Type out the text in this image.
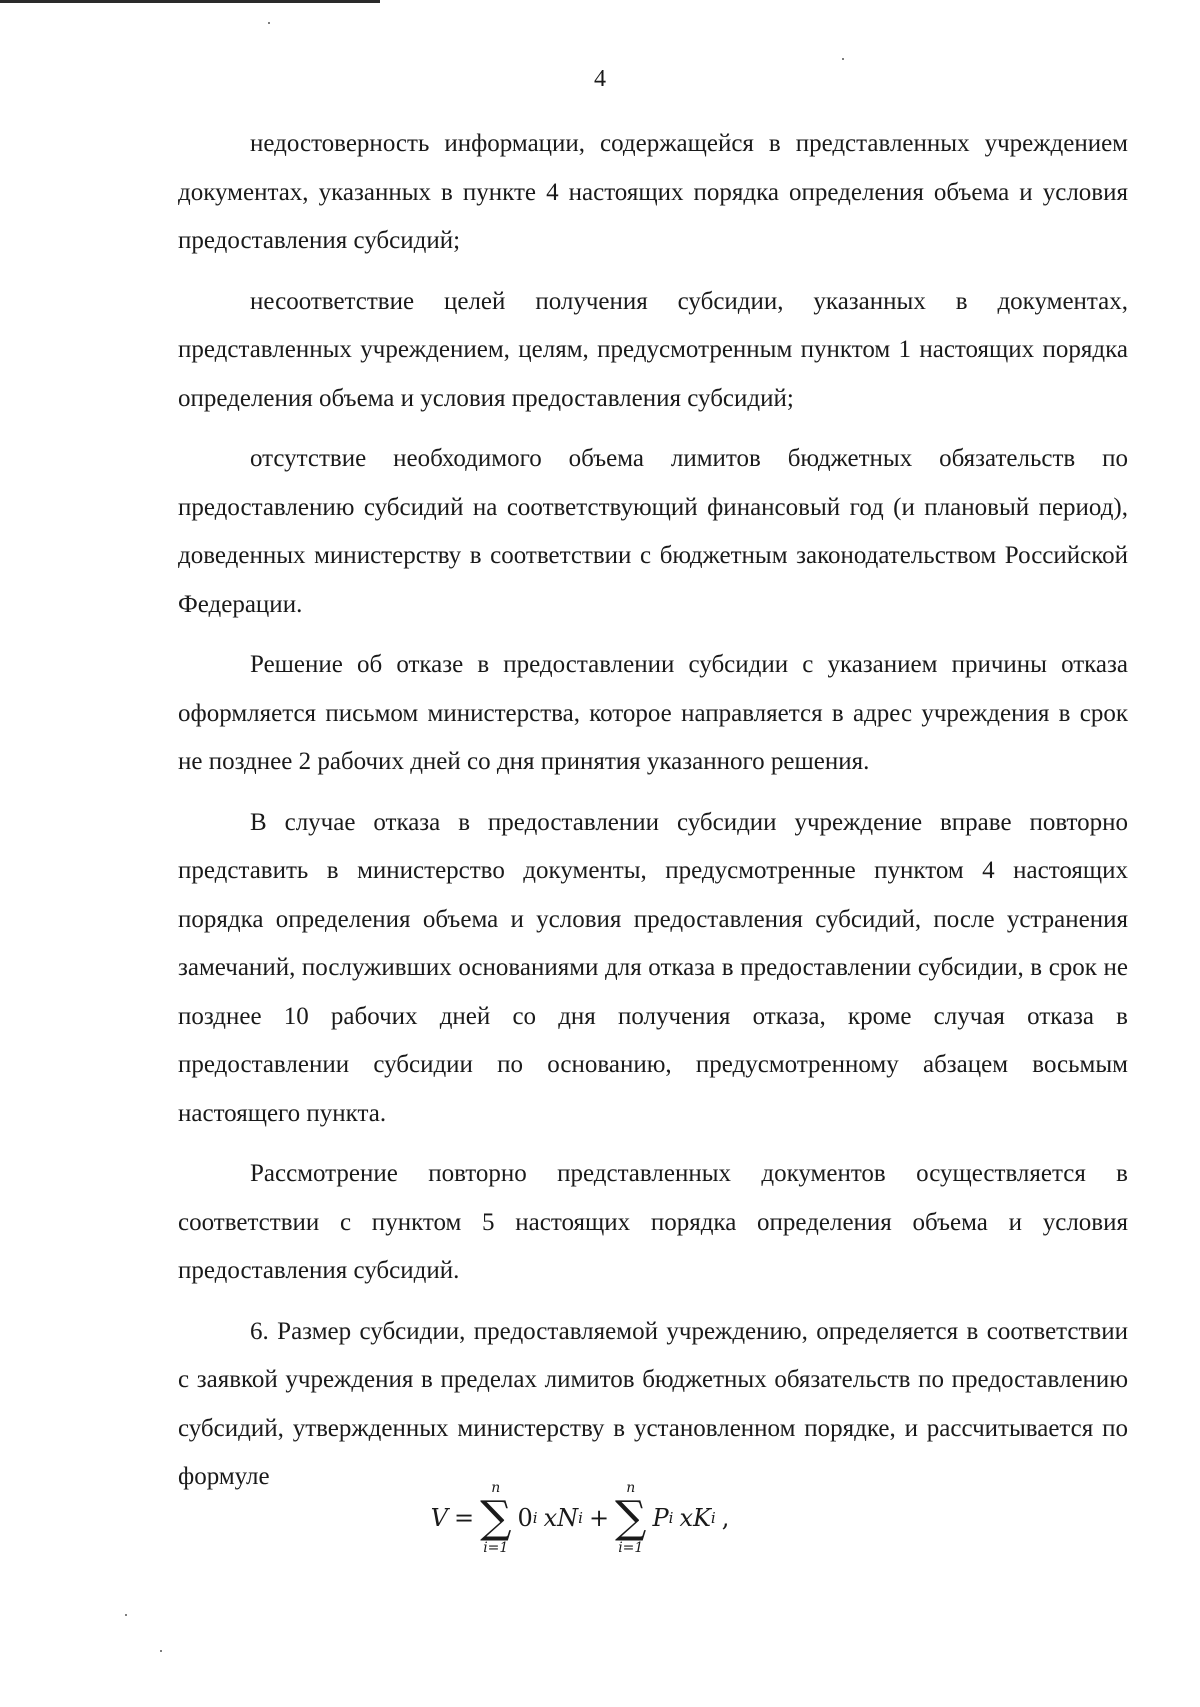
4

недостоверность информации, содержащейся в представленных учреждением документах, указанных в пункте 4 настоящих порядка определения объема и условия предоставления субсидий;

несоответствие целей получения субсидии, указанных в документах, представленных учреждением, целям, предусмотренным пунктом 1 настоящих порядка определения объема и условия предоставления субсидий;

отсутствие необходимого объема лимитов бюджетных обязательств по предоставлению субсидий на соответствующий финансовый год (и плановый период), доведенных министерству в соответствии с бюджетным законодательством Российской Федерации.

Решение об отказе в предоставлении субсидии с указанием причины отказа оформляется письмом министерства, которое направляется в адрес учреждения в срок не позднее 2 рабочих дней со дня принятия указанного решения.

В случае отказа в предоставлении субсидии учреждение вправе повторно представить в министерство документы, предусмотренные пунктом 4 настоящих порядка определения объема и условия предоставления субсидий, после устранения замечаний, послуживших основаниями для отказа в предоставлении субсидии, в срок не позднее 10 рабочих дней со дня получения отказа, кроме случая отказа в предоставлении субсидии по основанию, предусмотренному абзацем восьмым настоящего пункта.

Рассмотрение повторно представленных документов осуществляется в соответствии с пунктом 5 настоящих порядка определения объема и условия предоставления субсидий.

6. Размер субсидии, предоставляемой учреждению, определяется в соответствии с заявкой учреждения в пределах лимитов бюджетных обязательств по предоставлению субсидий, утвержденных министерству в установленном порядке, и рассчитывается по формуле

V =
n
∑
i=1
0 i x N i +
n
∑
i=1
P i x K i ,
